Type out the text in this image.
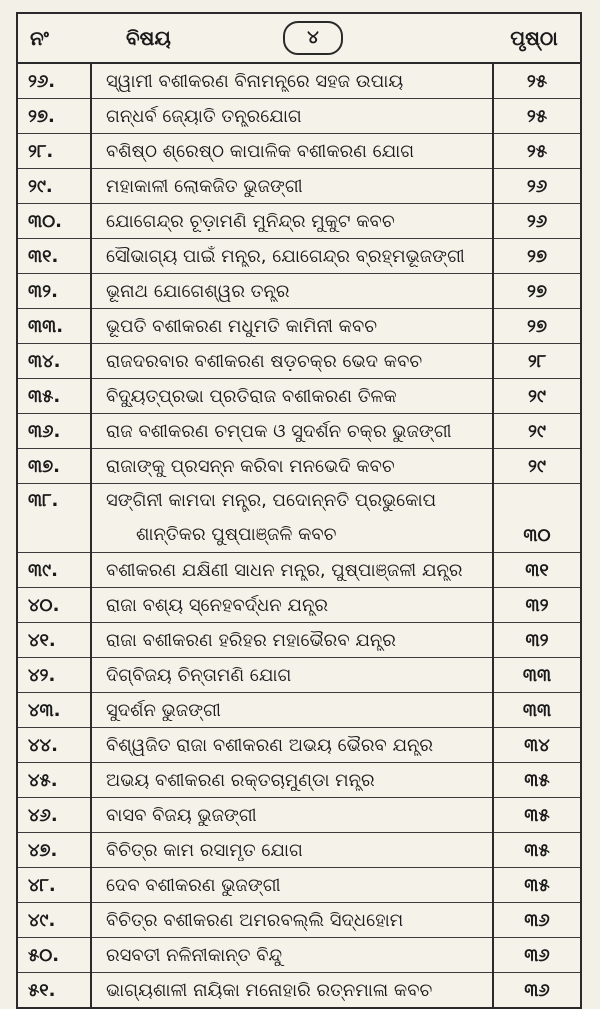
ନଂ	ବିଷୟ	ପୃଷ୍ଠା
୪
୨୬.	ସ୍ୱାମୀ ବଶୀକରଣ ବିନାମନ୍ତ୍ରେ ସହଜ ଉପାୟ	୨୫
୨୭.	ଗନ୍ଧର୍ବ ଜ୍ୟୋତି ତନ୍ତ୍ରଯୋଗ	୨୫
୨୮.	ବଶିଷ୍ଠ ଶ୍ରେଷ୍ଠ କାପାଳିକ ବଶୀକରଣ ଯୋଗ	୨୫
୨୯.	ମହାକାଳୀ ଲୋକଜିତ ଭୁଜଙ୍ଗୀ	୨୬
୩୦.	ଯୋଗେନ୍ଦ୍ର ଚୂଡ଼ାମଣି ମୁନିନ୍ଦ୍ର ମୁକୁଟ କବଚ	୨୬
୩୧.	ସୌଭାଗ୍ୟ ପାଇଁ ମନ୍ତ୍ର, ଯୋଗେନ୍ଦ୍ର ବ୍ରହ୍ମଭୂଜଙ୍ଗୀ	୨୭
୩୨.	ଭୂନାଥ ଯୋଗେଶ୍ୱର ତନ୍ତ୍ର	୨୭
୩୩.	ଭୂପତି ବଶୀକରଣ ମଧୁମତି କାମିନୀ କବଚ	୨୭
୩୪.	ରାଜଦରବାର ବଶୀକରଣ ଷଡ଼ଚକ୍ର ଭେଦ କବଚ	୨୮
୩୫.	ବିଦ୍ୟୁତ୍‌ପ୍ରଭା ପ୍ରତିରାଜ ବଶୀକରଣ ତିଳକ	୨୯
୩୬.	ରାଜ ବଶୀକରଣ ଚମ୍ପକ ଓ ସୁଦର୍ଶନ ଚକ୍ର ଭୁଜଙ୍ଗୀ	୨୯
୩୭.	ରାଜାଙ୍କୁ ପ୍ରସନ୍ନ କରିବା ମନଭେଦି କବଚ	୨୯
୩୮.	ସଙ୍ଗିନୀ କାମଦା ମନ୍ତ୍ର, ପଦୋନ୍ନତି ପ୍ରଭୁକୋପ
ଶାନ୍ତିକର ପୁଷ୍ପାଞ୍ଜଳି କବଚ	୩୦
୩୯.	ବଶୀକରଣ ଯକ୍ଷିଣୀ ସାଧନ ମନ୍ତ୍ର, ପୁଷ୍ପାଞ୍ଜଳୀ ଯନ୍ତ୍ର	୩୧
୪୦.	ରାଜା ବଶ୍ୟ ସ୍ନେହବର୍ଦ୍ଧନ ଯନ୍ତ୍ର	୩୨
୪୧.	ରାଜା ବଶୀକରଣ ହରିହର ମହାଭୈରବ ଯନ୍ତ୍ର	୩୨
୪୨.	ଦିଗ୍‌ବିଜୟ ଚିନ୍ତାମଣି ଯୋଗ	୩୩
୪୩.	ସୁଦର୍ଶନ ଭୁଜଙ୍ଗୀ	୩୩
୪୪.	ବିଶ୍ୱଜିତ ରାଜା ବଶୀକରଣ ଅଭୟ ଭୈରବ ଯନ୍ତ୍ର	୩୪
୪୫.	ଅଭୟ ବଶୀକରଣ ରକ୍ତଚାମୁଣ୍ଡା ମନ୍ତ୍ର	୩୫
୪୬.	ବାସବ ବିଜୟ ଭୁଜଙ୍ଗୀ	୩୫
୪୭.	ବିଚିତ୍ର କାମ ରସାମୃତ ଯୋଗ	୩୫
୪୮.	ଦେବ ବଶୀକରଣ ଭୁଜଙ୍ଗୀ	୩୫
୪୯.	ବିଚିତ୍ର ବଶୀକରଣ ଅମରବଲ୍ଲି ସିଦ୍ଧହୋମ	୩୬
୫୦.	ରସବତୀ ନଳିନୀକାନ୍ତ ବିନ୍ଦୁ	୩୬
୫୧.	ଭାଗ୍ୟଶାଳୀ ନାୟିକା ମନୋହାରି ରତ୍ନମାଳା କବଚ	୩୬
